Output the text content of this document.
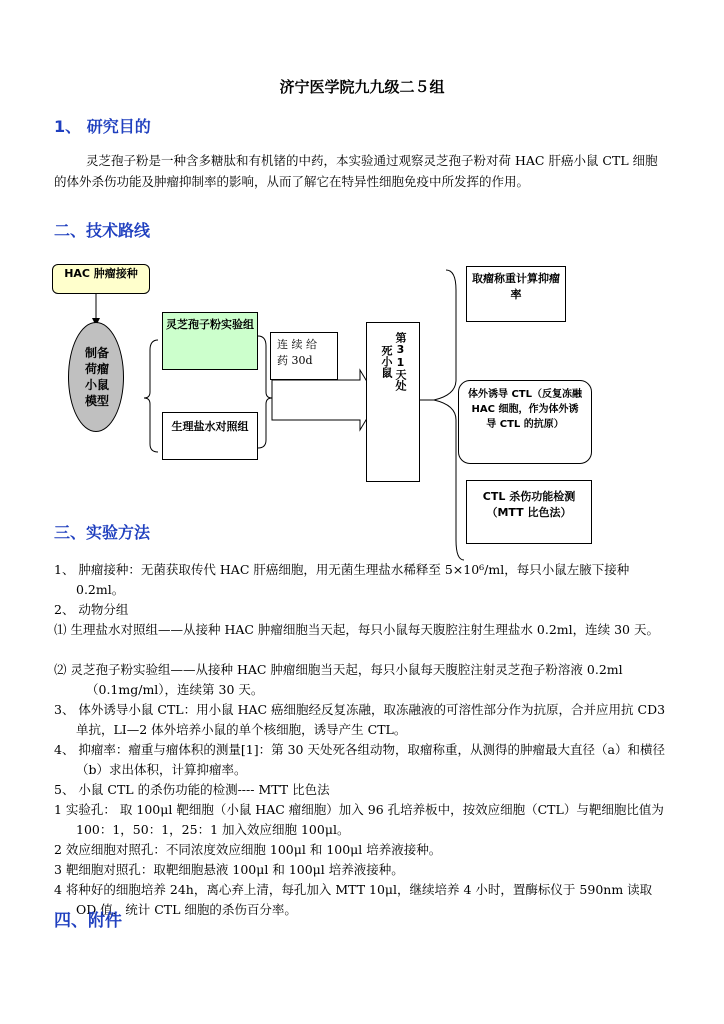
济宁医学院九九级二５组
1、 研究目的
灵芝孢子粉是一种含多糖肽和有机锗的中药，本实验通过观察灵芝孢子粉对荷 HAC 肝癌小鼠 CTL 细胞的体外杀伤功能及肿瘤抑制率的影响，从而了解它在特异性细胞免疫中所发挥的作用。
二、技术路线
HAC 肿瘤接种
制备荷瘤小鼠模型
灵芝孢子粉实验组
生理盐水对照组
连 续 给 药 30d	第31天处死小鼠
取瘤称重计算抑瘤率
体外诱导 CTL（反复冻融 HAC 细胞，作为体外诱导 CTL 的抗原）
CTL 杀伤功能检测（MTT 比色法）
三、实验方法
1、 肿瘤接种：无菌获取传代 HAC 肝癌细胞，用无菌生理盐水稀释至 5×10⁶/ml，每只小鼠左腋下接种 0.2ml。
2、 动物分组
⑴ 生理盐水对照组——从接种 HAC 肿瘤细胞当天起，每只小鼠每天腹腔注射生理盐水 0.2ml，连续 30 天。
⑵ 灵芝孢子粉实验组——从接种 HAC 肿瘤细胞当天起，每只小鼠每天腹腔注射灵芝孢子粉溶液 0.2ml（0.1mg/ml），连续第 30 天。
3、 体外诱导小鼠 CTL：用小鼠 HAC 癌细胞经反复冻融，取冻融液的可溶性部分作为抗原，合并应用抗 CD3 单抗，LI—2 体外培养小鼠的单个核细胞，诱导产生 CTL。
4、 抑瘤率：瘤重与瘤体积的测量[1]：第 30 天处死各组动物，取瘤称重，从测得的肿瘤最大直径（a）和横径（b）求出体积，计算抑瘤率。
5、 小鼠 CTL 的杀伤功能的检测---- MTT 比色法
1 实验孔： 取 100μl 靶细胞（小鼠 HAC 瘤细胞）加入 96 孔培养板中，按效应细胞（CTL）与靶细胞比值为 100：1，50：1，25：1 加入效应细胞 100μl。
2 效应细胞对照孔：不同浓度效应细胞 100μl 和 100μl 培养液接种。
3 靶细胞对照孔：取靶细胞悬液 100μl 和 100μl 培养液接种。
4 将种好的细胞培养 24h，离心弃上清，每孔加入 MTT 10μl，继续培养 4 小时，置酶标仪于 590nm 读取 OD 值，统计 CTL 细胞的杀伤百分率。
四、附件
